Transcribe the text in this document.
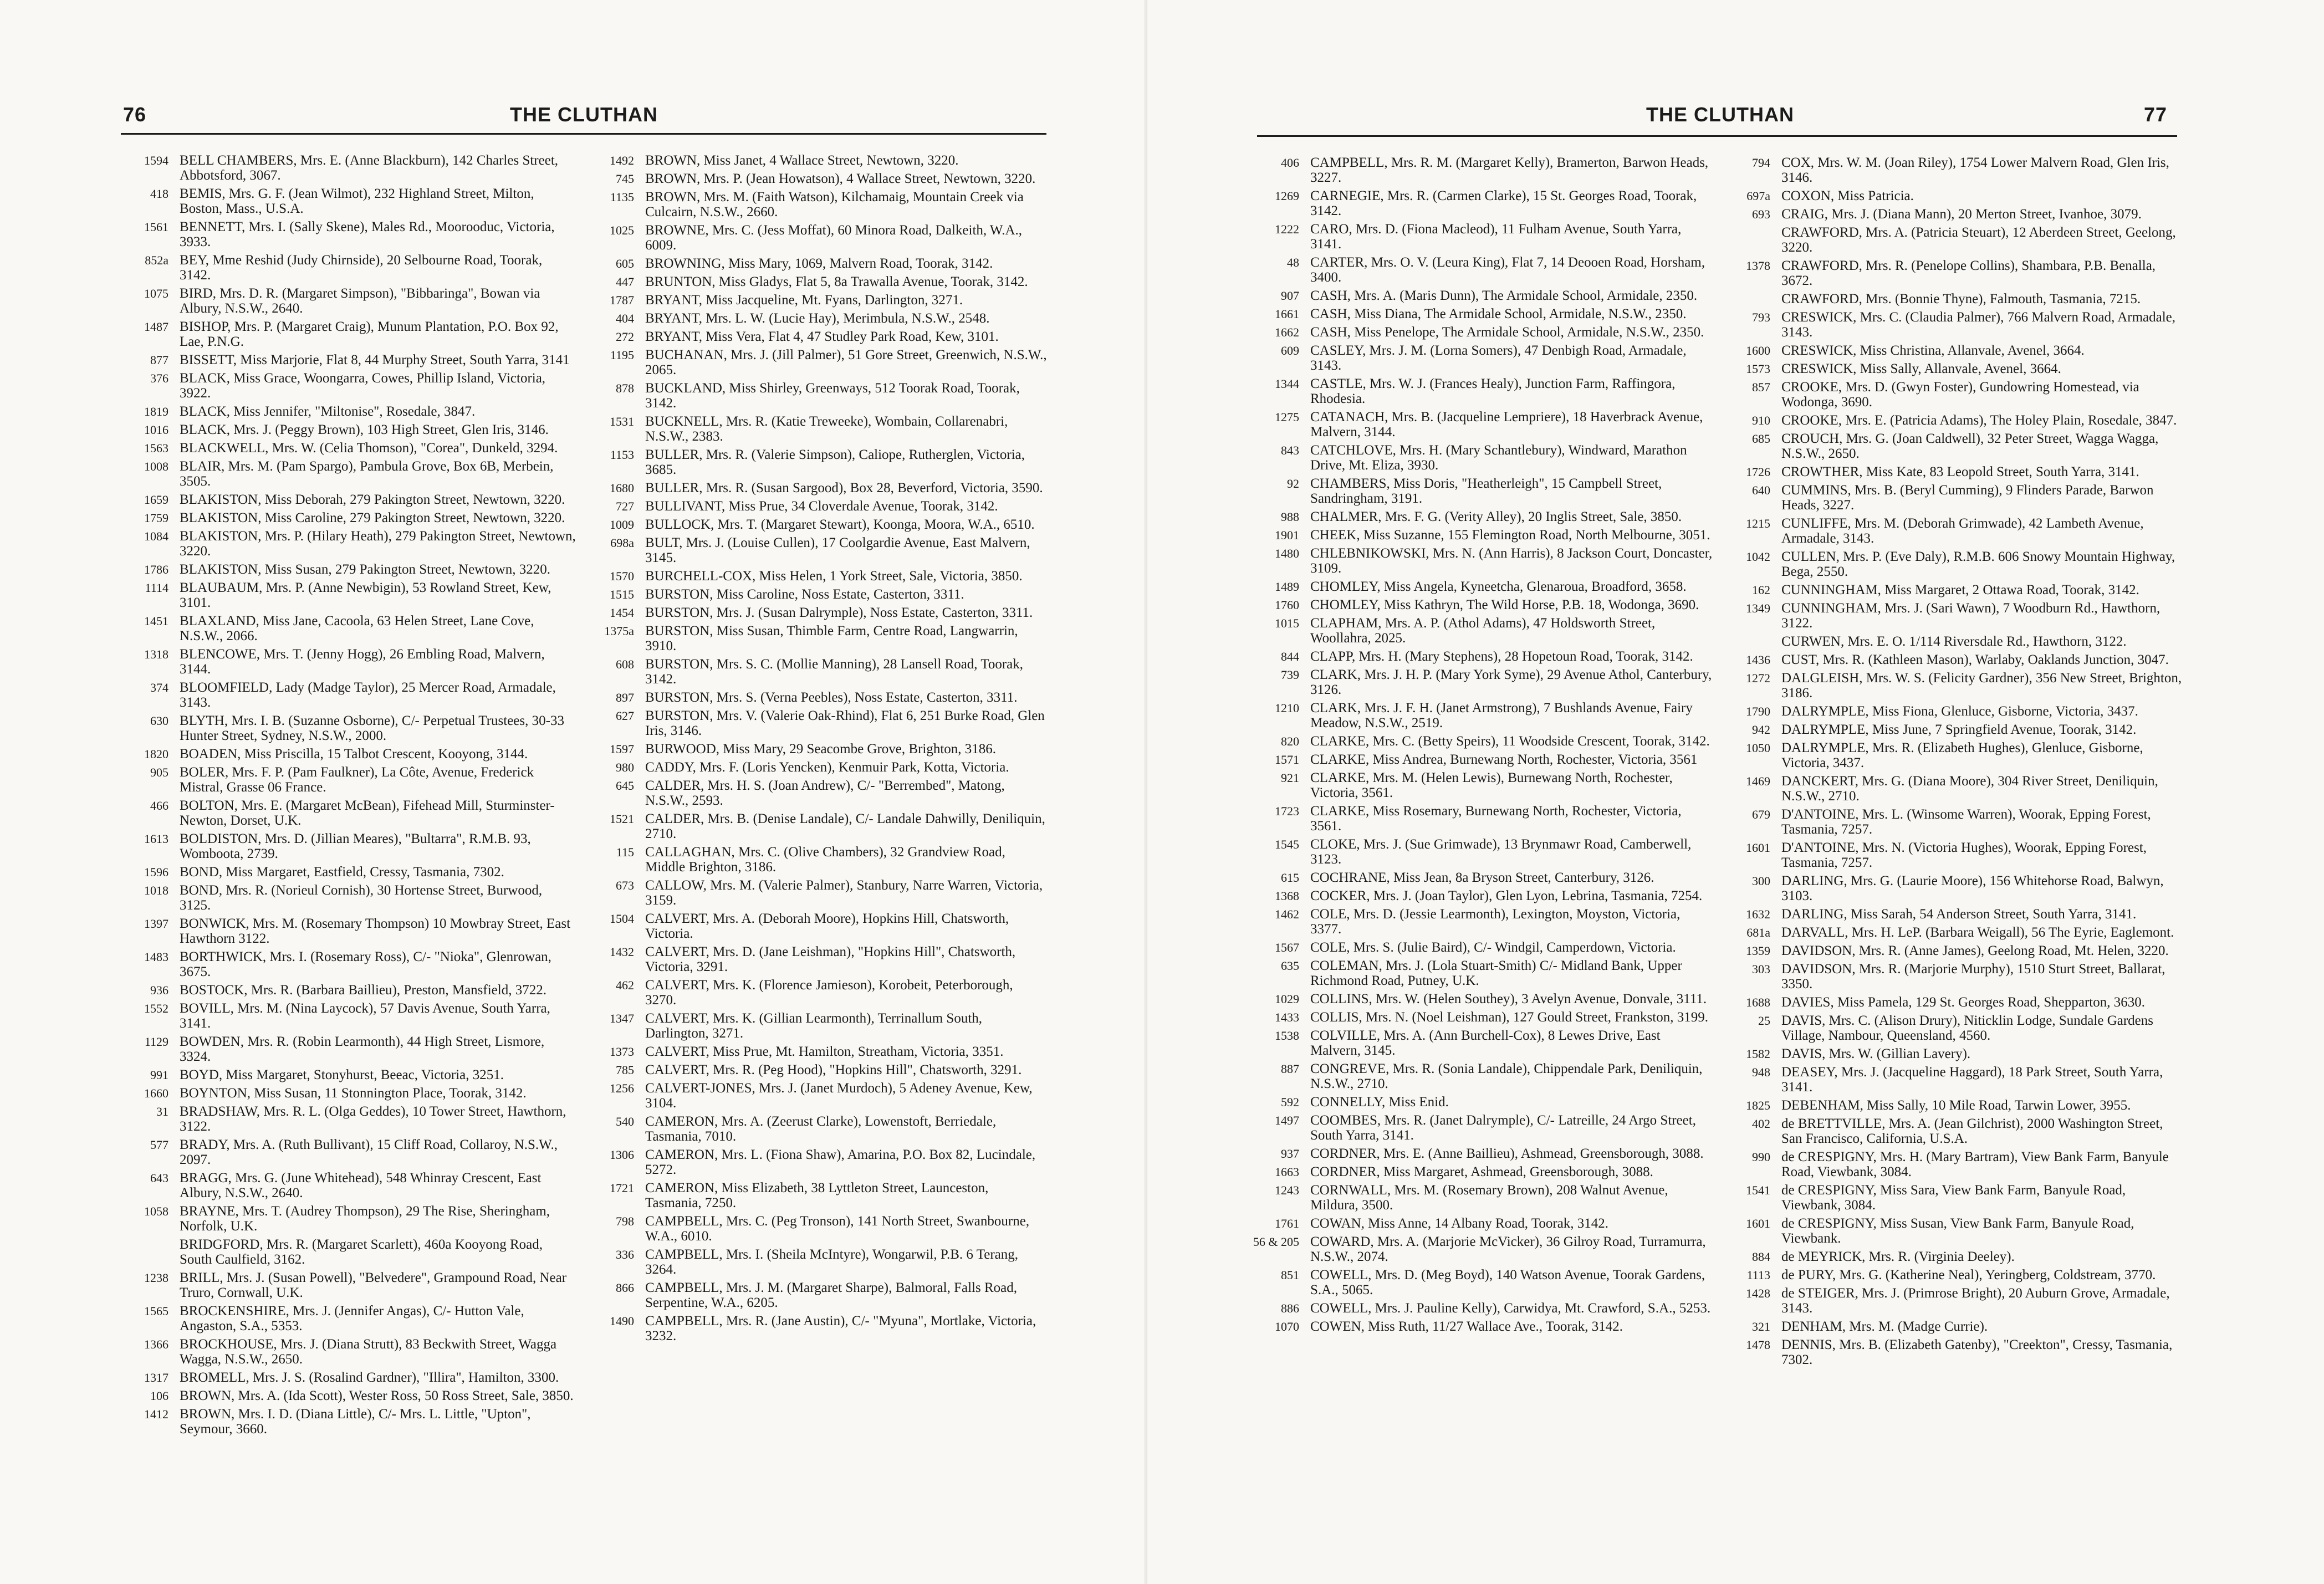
76	THE CLUTHAN
1594 BELL CHAMBERS, Mrs. E. (Anne Blackburn), 142 Charles Street, Abbotsford, 3067.
418 BEMIS, Mrs. G. F. (Jean Wilmot), 232 Highland Street, Milton, Boston, Mass., U.S.A.
1561 BENNETT, Mrs. I. (Sally Skene), Males Rd., Moorooduc, Victoria, 3933.
852a BEY, Mme Reshid (Judy Chirnside), 20 Selbourne Road, Toorak, 3142.
1075 BIRD, Mrs. D. R. (Margaret Simpson), "Bibbaringa", Bowan via Albury, N.S.W., 2640.
1487 BISHOP, Mrs. P. (Margaret Craig), Munum Plantation, P.O. Box 92, Lae, P.N.G.
877 BISSETT, Miss Marjorie, Flat 8, 44 Murphy Street, South Yarra, 3141
376 BLACK, Miss Grace, Woongarra, Cowes, Phillip Island, Victoria, 3922.
1819 BLACK, Miss Jennifer, "Miltonise", Rosedale, 3847.
1016 BLACK, Mrs. J. (Peggy Brown), 103 High Street, Glen Iris, 3146.
1563 BLACKWELL, Mrs. W. (Celia Thomson), "Corea", Dunkeld, 3294.
1008 BLAIR, Mrs. M. (Pam Spargo), Pambula Grove, Box 6B, Merbein, 3505.
1659 BLAKISTON, Miss Deborah, 279 Pakington Street, Newtown, 3220.
1759 BLAKISTON, Miss Caroline, 279 Pakington Street, Newtown, 3220.
1084 BLAKISTON, Mrs. P. (Hilary Heath), 279 Pakington Street, Newtown, 3220.
1786 BLAKISTON, Miss Susan, 279 Pakington Street, Newtown, 3220.
1114 BLAUBAUM, Mrs. P. (Anne Newbigin), 53 Rowland Street, Kew, 3101.
1451 BLAXLAND, Miss Jane, Cacoola, 63 Helen Street, Lane Cove, N.S.W., 2066.
1318 BLENCOWE, Mrs. T. (Jenny Hogg), 26 Embling Road, Malvern, 3144.
374 BLOOMFIELD, Lady (Madge Taylor), 25 Mercer Road, Armadale, 3143.
630 BLYTH, Mrs. I. B. (Suzanne Osborne), C/- Perpetual Trustees, 30-33 Hunter Street, Sydney, N.S.W., 2000.
1820 BOADEN, Miss Priscilla, 15 Talbot Crescent, Kooyong, 3144.
905 BOLER, Mrs. F. P. (Pam Faulkner), La Côte, Avenue, Frederick Mistral, Grasse 06 France.
466 BOLTON, Mrs. E. (Margaret McBean), Fifehead Mill, Sturminster-Newton, Dorset, U.K.
1613 BOLDISTON, Mrs. D. (Jillian Meares), "Bultarra", R.M.B. 93, Womboota, 2739.
1596 BOND, Miss Margaret, Eastfield, Cressy, Tasmania, 7302.
1018 BOND, Mrs. R. (Norieul Cornish), 30 Hortense Street, Burwood, 3125.
1397 BONWICK, Mrs. M. (Rosemary Thompson) 10 Mowbray Street, East Hawthorn 3122.
1483 BORTHWICK, Mrs. I. (Rosemary Ross), C/- "Nioka", Glenrowan, 3675.
936 BOSTOCK, Mrs. R. (Barbara Baillieu), Preston, Mansfield, 3722.
1552 BOVILL, Mrs. M. (Nina Laycock), 57 Davis Avenue, South Yarra, 3141.
1129 BOWDEN, Mrs. R. (Robin Learmonth), 44 High Street, Lismore, 3324.
991 BOYD, Miss Margaret, Stonyhurst, Beeac, Victoria, 3251.
1660 BOYNTON, Miss Susan, 11 Stonnington Place, Toorak, 3142.
31 BRADSHAW, Mrs. R. L. (Olga Geddes), 10 Tower Street, Hawthorn, 3122.
577 BRADY, Mrs. A. (Ruth Bullivant), 15 Cliff Road, Collaroy, N.S.W., 2097.
643 BRAGG, Mrs. G. (June Whitehead), 548 Whinray Crescent, East Albury, N.S.W., 2640.
1058 BRAYNE, Mrs. T. (Audrey Thompson), 29 The Rise, Sheringham, Norfolk, U.K.
BRIDGFORD, Mrs. R. (Margaret Scarlett), 460a Kooyong Road, South Caulfield, 3162.
1238 BRILL, Mrs. J. (Susan Powell), "Belvedere", Grampound Road, Near Truro, Cornwall, U.K.
1565 BROCKENSHIRE, Mrs. J. (Jennifer Angas), C/- Hutton Vale, Angaston, S.A., 5353.
1366 BROCKHOUSE, Mrs. J. (Diana Strutt), 83 Beckwith Street, Wagga Wagga, N.S.W., 2650.
1317 BROMELL, Mrs. J. S. (Rosalind Gardner), "Illira", Hamilton, 3300.
106 BROWN, Mrs. A. (Ida Scott), Wester Ross, 50 Ross Street, Sale, 3850.
1412 BROWN, Mrs. I. D. (Diana Little), C/- Mrs. L. Little, "Upton", Seymour, 3660.
1492 BROWN, Miss Janet, 4 Wallace Street, Newtown, 3220.
745 BROWN, Mrs. P. (Jean Howatson), 4 Wallace Street, Newtown, 3220.
1135 BROWN, Mrs. M. (Faith Watson), Kilchamaig, Mountain Creek via Culcairn, N.S.W., 2660.
1025 BROWNE, Mrs. C. (Jess Moffat), 60 Minora Road, Dalkeith, W.A., 6009.
605 BROWNING, Miss Mary, 1069, Malvern Road, Toorak, 3142.
447 BRUNTON, Miss Gladys, Flat 5, 8a Trawalla Avenue, Toorak, 3142.
1787 BRYANT, Miss Jacqueline, Mt. Fyans, Darlington, 3271.
404 BRYANT, Mrs. L. W. (Lucie Hay), Merimbula, N.S.W., 2548.
272 BRYANT, Miss Vera, Flat 4, 47 Studley Park Road, Kew, 3101.
1195 BUCHANAN, Mrs. J. (Jill Palmer), 51 Gore Street, Greenwich, N.S.W., 2065.
878 BUCKLAND, Miss Shirley, Greenways, 512 Toorak Road, Toorak, 3142.
1531 BUCKNELL, Mrs. R. (Katie Treweeke), Wombain, Collarenabri, N.S.W., 2383.
1153 BULLER, Mrs. R. (Valerie Simpson), Caliope, Rutherglen, Victoria, 3685.
1680 BULLER, Mrs. R. (Susan Sargood), Box 28, Beverford, Victoria, 3590.
727 BULLIVANT, Miss Prue, 34 Cloverdale Avenue, Toorak, 3142.
1009 BULLOCK, Mrs. T. (Margaret Stewart), Koonga, Moora, W.A., 6510.
698a BULT, Mrs. J. (Louise Cullen), 17 Coolgardie Avenue, East Malvern, 3145.
1570 BURCHELL-COX, Miss Helen, 1 York Street, Sale, Victoria, 3850.
1515 BURSTON, Miss Caroline, Noss Estate, Casterton, 3311.
1454 BURSTON, Mrs. J. (Susan Dalrymple), Noss Estate, Casterton, 3311.
1375a BURSTON, Miss Susan, Thimble Farm, Centre Road, Langwarrin, 3910.
608 BURSTON, Mrs. S. C. (Mollie Manning), 28 Lansell Road, Toorak, 3142.
897 BURSTON, Mrs. S. (Verna Peebles), Noss Estate, Casterton, 3311.
627 BURSTON, Mrs. V. (Valerie Oak-Rhind), Flat 6, 251 Burke Road, Glen Iris, 3146.
1597 BURWOOD, Miss Mary, 29 Seacombe Grove, Brighton, 3186.
980 CADDY, Mrs. F. (Loris Yencken), Kenmuir Park, Kotta, Victoria.
645 CALDER, Mrs. H. S. (Joan Andrew), C/- "Berrembed", Matong, N.S.W., 2593.
1521 CALDER, Mrs. B. (Denise Landale), C/- Landale Dahwilly, Deniliquin, 2710.
115 CALLAGHAN, Mrs. C. (Olive Chambers), 32 Grandview Road, Middle Brighton, 3186.
673 CALLOW, Mrs. M. (Valerie Palmer), Stanbury, Narre Warren, Victoria, 3159.
1504 CALVERT, Mrs. A. (Deborah Moore), Hopkins Hill, Chatsworth, Victoria.
1432 CALVERT, Mrs. D. (Jane Leishman), "Hopkins Hill", Chatsworth, Victoria, 3291.
462 CALVERT, Mrs. K. (Florence Jamieson), Korobeit, Peterborough, 3270.
1347 CALVERT, Mrs. K. (Gillian Learmonth), Terrinallum South, Darlington, 3271.
1373 CALVERT, Miss Prue, Mt. Hamilton, Streatham, Victoria, 3351.
785 CALVERT, Mrs. R. (Peg Hood), "Hopkins Hill", Chatsworth, 3291.
1256 CALVERT-JONES, Mrs. J. (Janet Murdoch), 5 Adeney Avenue, Kew, 3104.
540 CAMERON, Mrs. A. (Zeerust Clarke), Lowenstoft, Berriedale, Tasmania, 7010.
1306 CAMERON, Mrs. L. (Fiona Shaw), Amarina, P.O. Box 82, Lucindale, 5272.
1721 CAMERON, Miss Elizabeth, 38 Lyttleton Street, Launceston, Tasmania, 7250.
798 CAMPBELL, Mrs. C. (Peg Tronson), 141 North Street, Swanbourne, W.A., 6010.
336 CAMPBELL, Mrs. I. (Sheila McIntyre), Wongarwil, P.B. 6 Terang, 3264.
866 CAMPBELL, Mrs. J. M. (Margaret Sharpe), Balmoral, Falls Road, Serpentine, W.A., 6205.
1490 CAMPBELL, Mrs. R. (Jane Austin), C/- "Myuna", Mortlake, Victoria, 3232.
THE CLUTHAN	77
406 CAMPBELL, Mrs. R. M. (Margaret Kelly), Bramerton, Barwon Heads, 3227.
1269 CARNEGIE, Mrs. R. (Carmen Clarke), 15 St. Georges Road, Toorak, 3142.
1222 CARO, Mrs. D. (Fiona Macleod), 11 Fulham Avenue, South Yarra, 3141.
48 CARTER, Mrs. O. V. (Leura King), Flat 7, 14 Deooen Road, Horsham, 3400.
907 CASH, Mrs. A. (Maris Dunn), The Armidale School, Armidale, 2350.
1661 CASH, Miss Diana, The Armidale School, Armidale, N.S.W., 2350.
1662 CASH, Miss Penelope, The Armidale School, Armidale, N.S.W., 2350.
609 CASLEY, Mrs. J. M. (Lorna Somers), 47 Denbigh Road, Armadale, 3143.
1344 CASTLE, Mrs. W. J. (Frances Healy), Junction Farm, Raffingora, Rhodesia.
1275 CATANACH, Mrs. B. (Jacqueline Lempriere), 18 Haverbrack Avenue, Malvern, 3144.
843 CATCHLOVE, Mrs. H. (Mary Schantlebury), Windward, Marathon Drive, Mt. Eliza, 3930.
92 CHAMBERS, Miss Doris, "Heatherleigh", 15 Campbell Street, Sandringham, 3191.
988 CHALMER, Mrs. F. G. (Verity Alley), 20 Inglis Street, Sale, 3850.
1901 CHEEK, Miss Suzanne, 155 Flemington Road, North Melbourne, 3051.
1480 CHLEBNIKOWSKI, Mrs. N. (Ann Harris), 8 Jackson Court, Doncaster, 3109.
1489 CHOMLEY, Miss Angela, Kyneetcha, Glenaroua, Broadford, 3658.
1760 CHOMLEY, Miss Kathryn, The Wild Horse, P.B. 18, Wodonga, 3690.
1015 CLAPHAM, Mrs. A. P. (Athol Adams), 47 Holdsworth Street, Woollahra, 2025.
844 CLAPP, Mrs. H. (Mary Stephens), 28 Hopetoun Road, Toorak, 3142.
739 CLARK, Mrs. J. H. P. (Mary York Syme), 29 Avenue Athol, Canterbury, 3126.
1210 CLARK, Mrs. J. F. H. (Janet Armstrong), 7 Bushlands Avenue, Fairy Meadow, N.S.W., 2519.
820 CLARKE, Mrs. C. (Betty Speirs), 11 Woodside Crescent, Toorak, 3142.
1571 CLARKE, Miss Andrea, Burnewang North, Rochester, Victoria, 3561
921 CLARKE, Mrs. M. (Helen Lewis), Burnewang North, Rochester, Victoria, 3561.
1723 CLARKE, Miss Rosemary, Burnewang North, Rochester, Victoria, 3561.
1545 CLOKE, Mrs. J. (Sue Grimwade), 13 Brynmawr Road, Camberwell, 3123.
615 COCHRANE, Miss Jean, 8a Bryson Street, Canterbury, 3126.
1368 COCKER, Mrs. J. (Joan Taylor), Glen Lyon, Lebrina, Tasmania, 7254.
1462 COLE, Mrs. D. (Jessie Learmonth), Lexington, Moyston, Victoria, 3377.
1567 COLE, Mrs. S. (Julie Baird), C/- Windgil, Camperdown, Victoria.
635 COLEMAN, Mrs. J. (Lola Stuart-Smith) C/- Midland Bank, Upper Richmond Road, Putney, U.K.
1029 COLLINS, Mrs. W. (Helen Southey), 3 Avelyn Avenue, Donvale, 3111.
1433 COLLIS, Mrs. N. (Noel Leishman), 127 Gould Street, Frankston, 3199.
1538 COLVILLE, Mrs. A. (Ann Burchell-Cox), 8 Lewes Drive, East Malvern, 3145.
887 CONGREVE, Mrs. R. (Sonia Landale), Chippendale Park, Deniliquin, N.S.W., 2710.
592 CONNELLY, Miss Enid.
1497 COOMBES, Mrs. R. (Janet Dalrymple), C/- Latreille, 24 Argo Street, South Yarra, 3141.
937 CORDNER, Mrs. E. (Anne Baillieu), Ashmead, Greensborough, 3088.
1663 CORDNER, Miss Margaret, Ashmead, Greensborough, 3088.
1243 CORNWALL, Mrs. M. (Rosemary Brown), 208 Walnut Avenue, Mildura, 3500.
1761 COWAN, Miss Anne, 14 Albany Road, Toorak, 3142.
56 & 205 COWARD, Mrs. A. (Marjorie McVicker), 36 Gilroy Road, Turramurra, N.S.W., 2074.
851 COWELL, Mrs. D. (Meg Boyd), 140 Watson Avenue, Toorak Gardens, S.A., 5065.
886 COWELL, Mrs. J. Pauline Kelly), Carwidya, Mt. Crawford, S.A., 5253.
1070 COWEN, Miss Ruth, 11/27 Wallace Ave., Toorak, 3142.
794 COX, Mrs. W. M. (Joan Riley), 1754 Lower Malvern Road, Glen Iris, 3146.
697a COXON, Miss Patricia.
693 CRAIG, Mrs. J. (Diana Mann), 20 Merton Street, Ivanhoe, 3079.
CRAWFORD, Mrs. A. (Patricia Steuart), 12 Aberdeen Street, Geelong, 3220.
1378 CRAWFORD, Mrs. R. (Penelope Collins), Shambara, P.B. Benalla, 3672.
CRAWFORD, Mrs. (Bonnie Thyne), Falmouth, Tasmania, 7215.
793 CRESWICK, Mrs. C. (Claudia Palmer), 766 Malvern Road, Armadale, 3143.
1600 CRESWICK, Miss Christina, Allanvale, Avenel, 3664.
1573 CRESWICK, Miss Sally, Allanvale, Avenel, 3664.
857 CROOKE, Mrs. D. (Gwyn Foster), Gundowring Homestead, via Wodonga, 3690.
910 CROOKE, Mrs. E. (Patricia Adams), The Holey Plain, Rosedale, 3847.
685 CROUCH, Mrs. G. (Joan Caldwell), 32 Peter Street, Wagga Wagga, N.S.W., 2650.
1726 CROWTHER, Miss Kate, 83 Leopold Street, South Yarra, 3141.
640 CUMMINS, Mrs. B. (Beryl Cumming), 9 Flinders Parade, Barwon Heads, 3227.
1215 CUNLIFFE, Mrs. M. (Deborah Grimwade), 42 Lambeth Avenue, Armadale, 3143.
1042 CULLEN, Mrs. P. (Eve Daly), R.M.B. 606 Snowy Mountain Highway, Bega, 2550.
162 CUNNINGHAM, Miss Margaret, 2 Ottawa Road, Toorak, 3142.
1349 CUNNINGHAM, Mrs. J. (Sari Wawn), 7 Woodburn Rd., Hawthorn, 3122.
CURWEN, Mrs. E. O. 1/114 Riversdale Rd., Hawthorn, 3122.
1436 CUST, Mrs. R. (Kathleen Mason), Warlaby, Oaklands Junction, 3047.
1272 DALGLEISH, Mrs. W. S. (Felicity Gardner), 356 New Street, Brighton, 3186.
1790 DALRYMPLE, Miss Fiona, Glenluce, Gisborne, Victoria, 3437.
942 DALRYMPLE, Miss June, 7 Springfield Avenue, Toorak, 3142.
1050 DALRYMPLE, Mrs. R. (Elizabeth Hughes), Glenluce, Gisborne, Victoria, 3437.
1469 DANCKERT, Mrs. G. (Diana Moore), 304 River Street, Deniliquin, N.S.W., 2710.
679 D'ANTOINE, Mrs. L. (Winsome Warren), Woorak, Epping Forest, Tasmania, 7257.
1601 D'ANTOINE, Mrs. N. (Victoria Hughes), Woorak, Epping Forest, Tasmania, 7257.
300 DARLING, Mrs. G. (Laurie Moore), 156 Whitehorse Road, Balwyn, 3103.
1632 DARLING, Miss Sarah, 54 Anderson Street, South Yarra, 3141.
681a DARVALL, Mrs. H. LeP. (Barbara Weigall), 56 The Eyrie, Eaglemont.
1359 DAVIDSON, Mrs. R. (Anne James), Geelong Road, Mt. Helen, 3220.
303 DAVIDSON, Mrs. R. (Marjorie Murphy), 1510 Sturt Street, Ballarat, 3350.
1688 DAVIES, Miss Pamela, 129 St. Georges Road, Shepparton, 3630.
25 DAVIS, Mrs. C. (Alison Drury), Niticklin Lodge, Sundale Gardens Village, Nambour, Queensland, 4560.
1582 DAVIS, Mrs. W. (Gillian Lavery).
948 DEASEY, Mrs. J. (Jacqueline Haggard), 18 Park Street, South Yarra, 3141.
1825 DEBENHAM, Miss Sally, 10 Mile Road, Tarwin Lower, 3955.
402 de BRETTVILLE, Mrs. A. (Jean Gilchrist), 2000 Washington Street, San Francisco, California, U.S.A.
990 de CRESPIGNY, Mrs. H. (Mary Bartram), View Bank Farm, Banyule Road, Viewbank, 3084.
1541 de CRESPIGNY, Miss Sara, View Bank Farm, Banyule Road, Viewbank, 3084.
1601 de CRESPIGNY, Miss Susan, View Bank Farm, Banyule Road, Viewbank.
884 de MEYRICK, Mrs. R. (Virginia Deeley).
1113 de PURY, Mrs. G. (Katherine Neal), Yeringberg, Coldstream, 3770.
1428 de STEIGER, Mrs. J. (Primrose Bright), 20 Auburn Grove, Armadale, 3143.
321 DENHAM, Mrs. M. (Madge Currie).
1478 DENNIS, Mrs. B. (Elizabeth Gatenby), "Creekton", Cressy, Tasmania, 7302.
